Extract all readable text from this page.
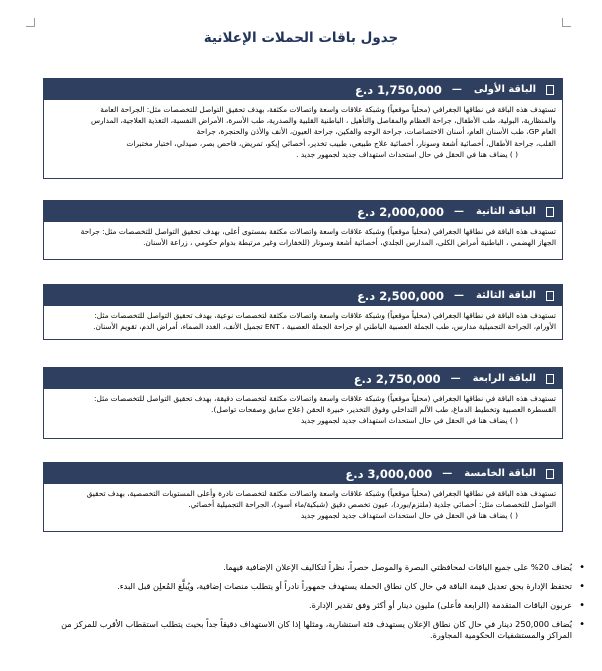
جدول باقات الحملات الإعلانية
الباقة الأولى
—
1,750,000 د.ع
تستهدف هذه الباقة في نطاقها الجغرافي (محلياً موقعياً) وشبكة علاقات واسعة واتصالات مكثفة، بهدف تحقيق التواصل للتخصصات مثل: الجراحة العامة
والمنظارية، البولية، طب الأطفال، جراحة العظام والمفاصل والتأهيل ، الباطنية القلبية والصدرية، طب الأسرة، الأمراض النفسية، التغذية العلاجية، المدارس
العام GP، طب الأسنان العام، أسنان الاختصاصات، جراحة الوجه والفكين، جراحة العيون، الأنف والأذن والحنجرة، جراحة
القلب، جراحة الأطفال، أخصائية أشعة وسونار، أخصائية علاج طبيعي، طبيب تخدير، أخصائي إيكو، تمريض، فاحص بصر، صيدلي، اختبار مختبرات
( ) يضاف هنا في الحقل في حال استحداث استهداف جديد لجمهور جديد .
الباقة الثانية
—
2,000,000 د.ع
تستهدف هذه الباقة في نطاقها الجغرافي (محلياً موقعياً) وشبكة علاقات واسعة واتصالات مكثفة بمستوى أعلى، بهدف تحقيق التواصل للتخصصات مثل: جراحة
الجهاز الهضمي ، الباطنية أمراض الكلى، المدارس الجلدي، أخصائية أشعة وسونار (للخفارات وغير مرتبطة بدوام حكومي ، زراعة الأسنان.
الباقة الثالثة
—
2,500,000 د.ع
تستهدف هذه الباقة في نطاقها الجغرافي (محلياً موقعياً) وشبكة علاقات واسعة واتصالات مكثفة لتخصصات نوعية، بهدف تحقيق التواصل للتخصصات مثل:
الأورام، الجراحة التجميلية مدارس، طب الجملة العصبية الباطني او جراحة الجملة العصبية ، ENT تجميل الأنف، الغدد الصماء، أمراض الدم، تقويم الأسنان.
الباقة الرابعة
—
2,750,000 د.ع
تستهدف هذه الباقة في نطاقها الجغرافي (محلياً موقعياً) وشبكة علاقات واسعة واتصالات مكثفة لتخصصات دقيقة، بهدف تحقيق التواصل للتخصصات مثل:
القسطرة العصبية وتخطيط الدماغ، طب الألم التداخلي وفوق التخدير، خبيرة الحقن (علاج سابق وصفحات تواصل).
( ) يضاف هنا في الحقل في حال استحداث استهداف جديد لجمهور جديد
الباقة الخامسة
—
3,000,000 د.ع
تستهدف هذه الباقة في نطاقها الجغرافي (محلياً موقعياً) وشبكة علاقات واسعة واتصالات مكثفة لتخصصات نادرة وأعلى المستويات التخصصية، بهدف تحقيق
التواصل للتخصصات مثل: أخصائي جلدية (ملتزم/بورد)، عيون تخصص دقيق (شبكية/ماء أسود)، الجراحة التجميلية أخصائي.
( ) يضاف هنا في الحقل في حال استحداث استهداف جديد لجمهور جديد
• يُضاف 20% على جميع الباقات لمحافظتي البصرة والموصل حصراً، نظراً لتكاليف الإعلان الإضافية فيهما.
• تحتفظ الإدارة بحق تعديل قيمة الباقة في حال كان نطاق الحملة يستهدف جمهوراً نادراً أو يتطلب منصات إضافية، ويُبلَّغ المُعلِن قبل البدء.
• عربون الباقات المتقدمة (الرابعة فأعلى) مليون دينار أو أكثر وفق تقدير الإدارة.
• يُضاف 250,000 دينار في حال كان نطاق الإعلان يستهدف فئة استشارية، ومثلها إذا كان الاستهداف دقيقاً جداً بحيث يتطلب استقطاب الأقرب للمركز من المراكز والمستشفيات الحكومية المجاورة.
